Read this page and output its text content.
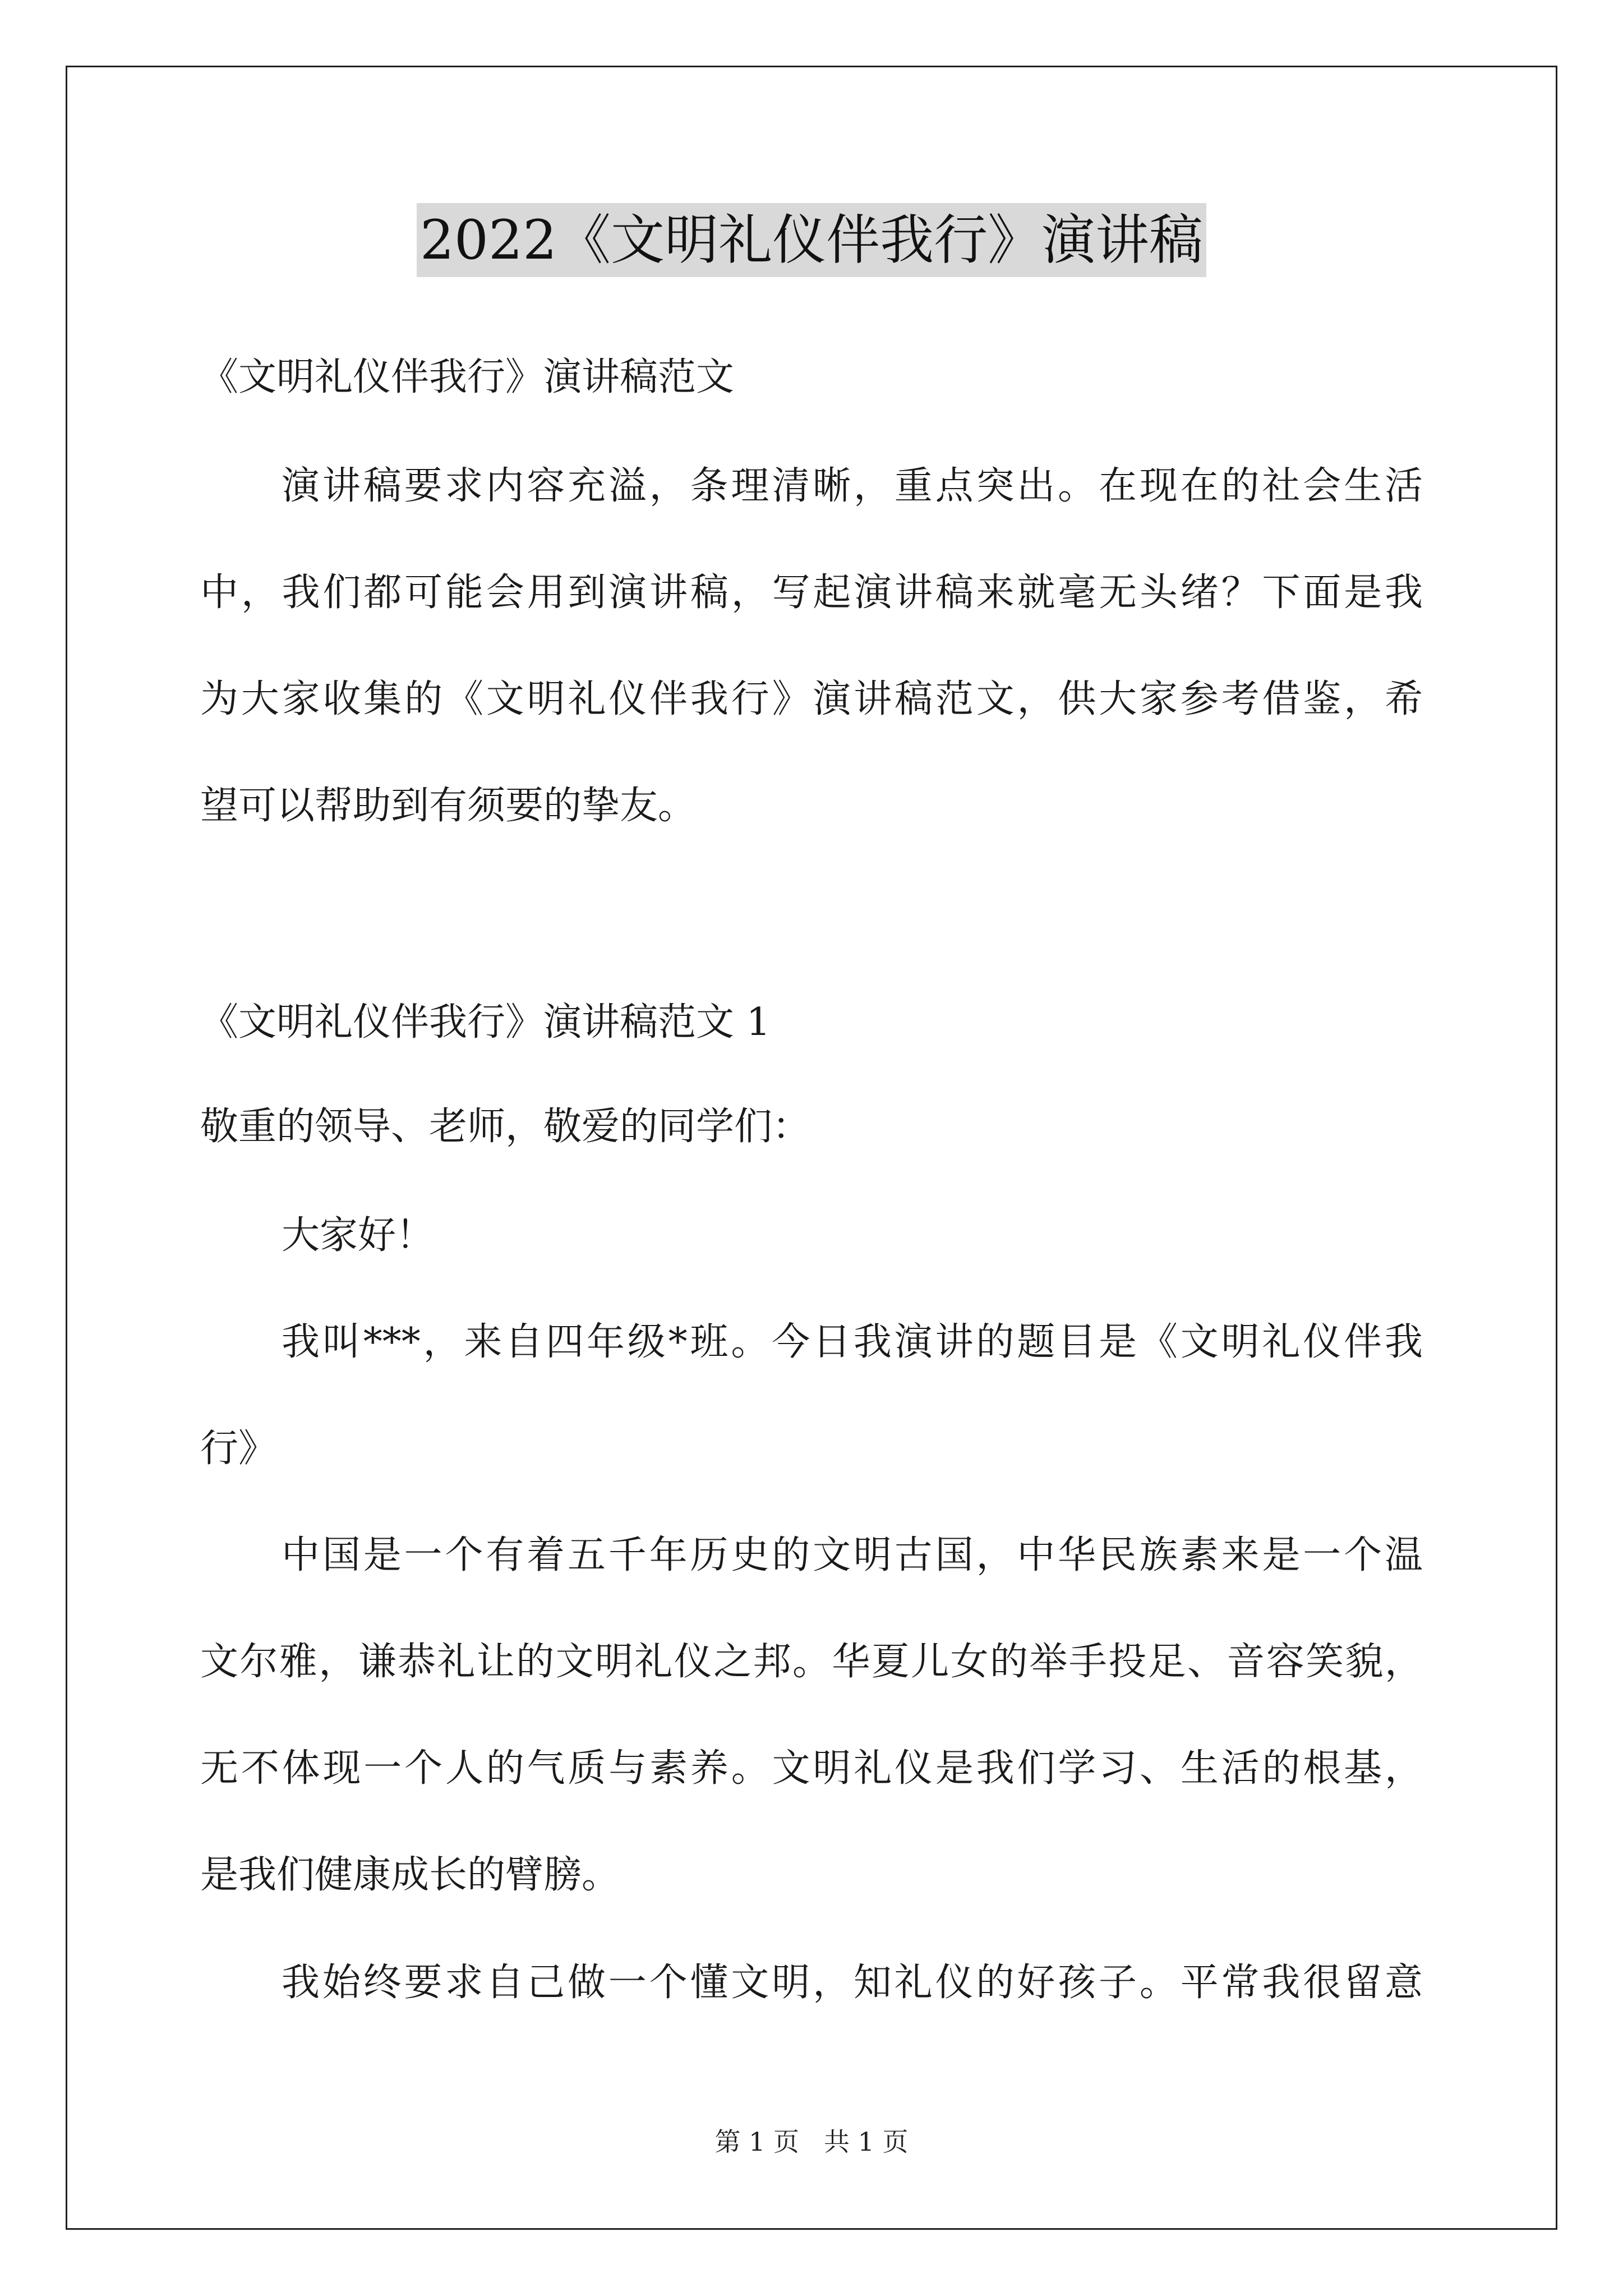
2022《文明礼仪伴我行》演讲稿
《文明礼仪伴我行》演讲稿范文
演讲稿要求内容充溢，条理清晰，重点突出。在现在的社会生活
中，我们都可能会用到演讲稿，写起演讲稿来就毫无头绪？下面是我
为大家收集的《文明礼仪伴我行》演讲稿范文，供大家参考借鉴，希
望可以帮助到有须要的挚友。
《文明礼仪伴我行》演讲稿范文 1
敬重的领导、老师，敬爱的同学们：
大家好！
我叫***，来自四年级*班。今日我演讲的题目是《文明礼仪伴我
行》
中国是一个有着五千年历史的文明古国，中华民族素来是一个温
文尔雅，谦恭礼让的文明礼仪之邦。华夏儿女的举手投足、音容笑貌，
无不体现一个人的气质与素养。文明礼仪是我们学习、生活的根基，
是我们健康成长的臂膀。
我始终要求自己做一个懂文明，知礼仪的好孩子。平常我很留意
第 1 页 共 1 页
